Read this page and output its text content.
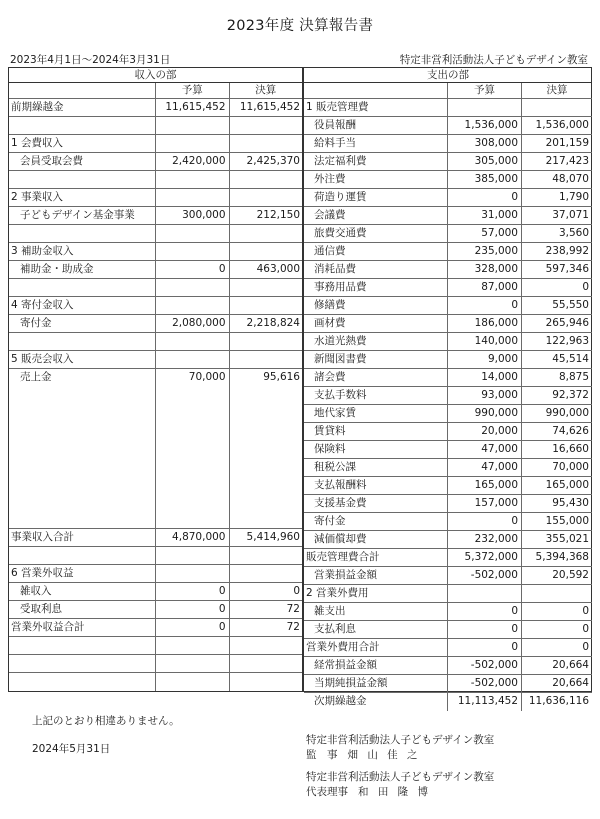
2023年度 決算報告書
2023年4月1日〜2024年3月31日	特定非営利活動法人子どもデザイン教室
収入の部
予算	決算
前期繰越金	11,615,452	11,615,452
1 会費収入
会員受取会費	2,420,000	2,425,370
2 事業収入
子どもデザイン基金事業	300,000	212,150
3 補助金収入
補助金・助成金	0	463,000
4 寄付金収入
寄付金	2,080,000	2,218,824
5 販売会収入
売上金	70,000	95,616
事業収入合計	4,870,000	5,414,960
6 営業外収益
雑収入	0	0
受取利息	0	72
営業外収益合計	0	72
支出の部
予算	決算
1 販売管理費
役員報酬	1,536,000	1,536,000
給料手当	308,000	201,159
法定福利費	305,000	217,423
外注費	385,000	48,070
荷造り運賃	0	1,790
会議費	31,000	37,071
旅費交通費	57,000	3,560
通信費	235,000	238,992
消耗品費	328,000	597,346
事務用品費	87,000	0
修繕費	0	55,550
画材費	186,000	265,946
水道光熱費	140,000	122,963
新聞図書費	9,000	45,514
諸会費	14,000	8,875
支払手数料	93,000	92,372
地代家賃	990,000	990,000
賃貸料	20,000	74,626
保険料	47,000	16,660
租税公課	47,000	70,000
支払報酬料	165,000	165,000
支援基金費	157,000	95,430
寄付金	0	155,000
減価償却費	232,000	355,021
販売管理費合計	5,372,000	5,394,368
営業損益金額	-502,000	20,592
2 営業外費用
雑支出	0	0
支払利息	0	0
営業外費用合計	0	0
経常損益金額	-502,000	20,664
当期純損益金額	-502,000	20,664
次期繰越金	11,113,452	11,636,116
上記のとおり相違ありません。
2024年5月31日
特定非営利活動法人子どもデザイン教室
監　事 畑 山 佳 之
特定非営利活動法人子どもデザイン教室
代表理事 和 田 隆 博
